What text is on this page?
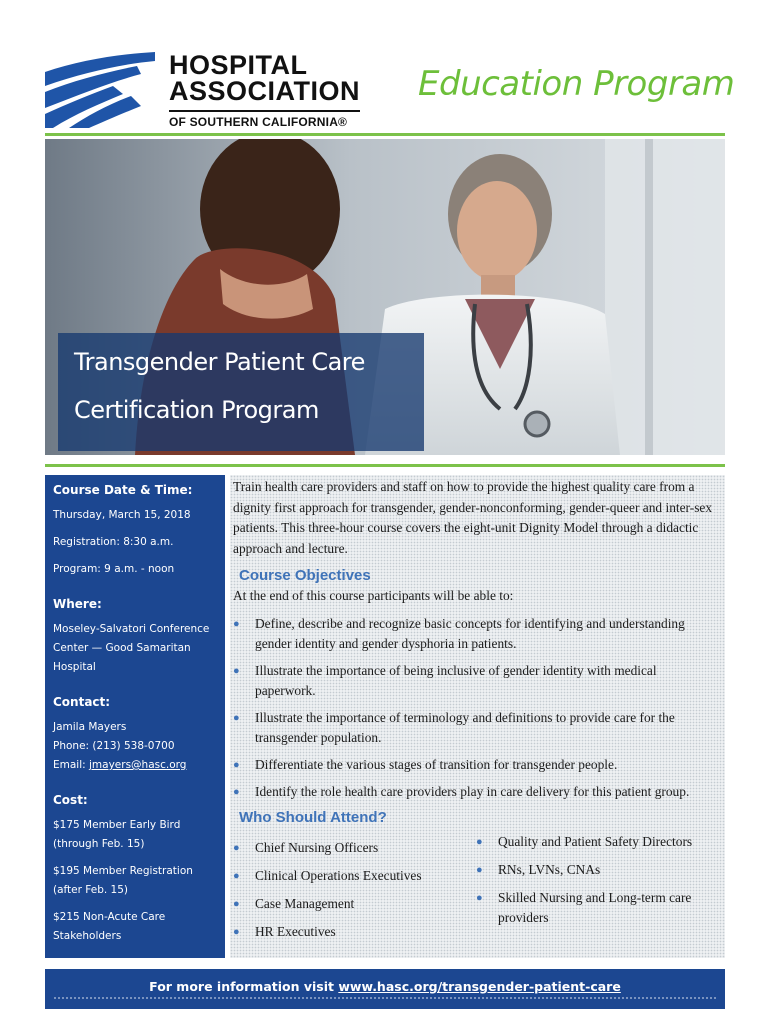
HOSPITAL
ASSOCIATION
OF SOUTHERN CALIFORNIA®
Education Program
Transgender Patient Care
Certification Program

Course Date & Time:

Thursday, March 15, 2018

Registration: 8:30 a.m.

Program: 9 a.m. - noon

Where:

Moseley-Salvatori Conference

Center — Good Samaritan

Hospital

Contact:

Jamila Mayers

Phone: (213) 538-0700

Email: jmayers@hasc.org

Cost:

$175 Member Early Bird

(through Feb. 15)

$195 Member Registration

(after Feb. 15)

$215 Non-Acute Care

Stakeholders

Train health care providers and staff on how to provide the highest quality care from a dignity first approach for transgender, gender-nonconforming, gender-queer and inter-sex patients. This three-hour course covers the eight-unit Dignity Model through a didactic approach and lecture.

Course Objectives

At the end of this course participants will be able to:

● Define, describe and recognize basic concepts for identifying and understanding gender identity and gender dysphoria in patients.
● Illustrate the importance of being inclusive of gender identity with medical paperwork.
● Illustrate the importance of terminology and definitions to provide care for the transgender population.
● Differentiate the various stages of transition for transgender people.
● Identify the role health care providers play in care delivery for this patient group.
Who Should Attend?
● Chief Nursing Officers
● Clinical Operations Executives
● Case Management
● HR Executives
● Quality and Patient Safety Directors
● RNs, LVNs, CNAs
● Skilled Nursing and Long-term care providers
For more information visit www.hasc.org/transgender-patient-care
